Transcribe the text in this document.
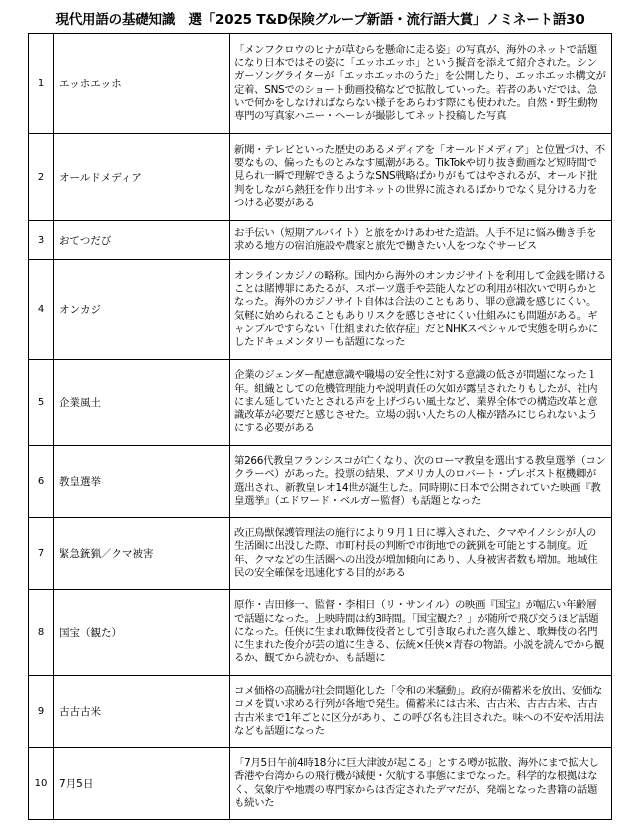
現代用語の基礎知識　選「2025 T&D保険グループ新語・流行語大賞」ノミネート語30
1	エッホエッホ	「メンフクロウのヒナが草むらを懸命に走る姿」の写真が、海外のネットで話題になり日本ではその姿に「エッホエッホ」という擬音を添えて紹介された。シンガーソングライターが「エッホエッホのうた」を公開したり、エッホエッホ構文が定着、SNSでのショート動画投稿などで拡散していった。若者のあいだでは、急いで何かをしなければならない様子をあらわす際にも使われた。自然・野生動物専門の写真家ハニー・ヘーレが撮影してネット投稿した写真
2	オールドメディア	新聞・テレビといった歴史のあるメディアを「オールドメディア」と位置づけ、不要なもの、偏ったものとみなす風潮がある。TikTokや切り抜き動画など短時間で見られ一瞬で理解できるようなSNS戦略ばかりがもてはやされるが、オールド批判をしながら熱狂を作り出すネットの世界に流されるばかりでなく見分ける力をつける必要がある
3	おてつだび	お手伝い（短期アルバイト）と旅をかけあわせた造語。人手不足に悩み働き手を求める地方の宿泊施設や農家と旅先で働きたい人をつなぐサービス
4	オンカジ	オンラインカジノの略称。国内から海外のオンカジサイトを利用して金銭を賭けることは賭博罪にあたるが、スポーツ選手や芸能人などの利用が相次いで明らかとなった。海外のカジノサイト自体は合法のこともあり、罪の意識を感じにくい。気軽に始められることもありリスクを感じさせにくい仕組みにも問題がある。ギャンブルですらない「仕組まれた依存症」だとNHKスペシャルで実態を明らかにしたドキュメンタリーも話題になった
5	企業風土	企業のジェンダー配慮意識や職場の安全性に対する意識の低さが問題になった１年。組織としての危機管理能力や説明責任の欠如が露呈されたりもしたが、社内にまん延していたとされる声を上げづらい風土など、業界全体での構造改革と意識改革が必要だと感じさせた。立場の弱い人たちの人権が踏みにじられないようにする必要がある
6	教皇選挙	第266代教皇フランシスコが亡くなり、次のローマ教皇を選出する教皇選挙（コンクラーベ）があった。投票の結果、アメリカ人のロバート・プレボスト枢機卿が選出され、新教皇レオ14世が誕生した。同時期に日本で公開されていた映画『教皇選挙』（エドワード・ベルガー監督）も話題となった
7	緊急銃猟／クマ被害	改正鳥獣保護管理法の施行により９月１日に導入された、クマやイノシシが人の生活圏に出没した際、市町村長の判断で市街地での銃猟を可能とする制度。近年、クマなどの生活圏への出没が増加傾向にあり、人身被害者数も増加。地域住民の安全確保を迅速化する目的がある
8	国宝（観た）	原作・吉田修一、監督・李相日（リ・サンイル）の映画『国宝』が幅広い年齢層で話題になった。上映時間は約3時間。「国宝観た？」が随所で飛び交うほど話題になった。任侠に生まれ歌舞伎役者として引き取られた喜久雄と、歌舞伎の名門に生まれた俊介が芸の道に生きる、伝統×任侠×青春の物語。小説を読んでから観るか、観てから読むか、も話題に
9	古古古米	コメ価格の高騰が社会問題化した「令和の米騒動」。政府が備蓄米を放出、安価なコメを買い求める行列が各地で発生。備蓄米には古米、古古米、古古古米、古古古古米まで1年ごとに区分があり、この呼び名も注目された。味への不安や活用法なども話題になった
10	7月5日	「7月5日午前4時18分に巨大津波が起こる」とする噂が拡散、海外にまで拡大し香港や台湾からの飛行機が減便・欠航する事態にまでなった。科学的な根拠はなく、気象庁や地震の専門家からは否定されたデマだが、発端となった書籍の話題も続いた
